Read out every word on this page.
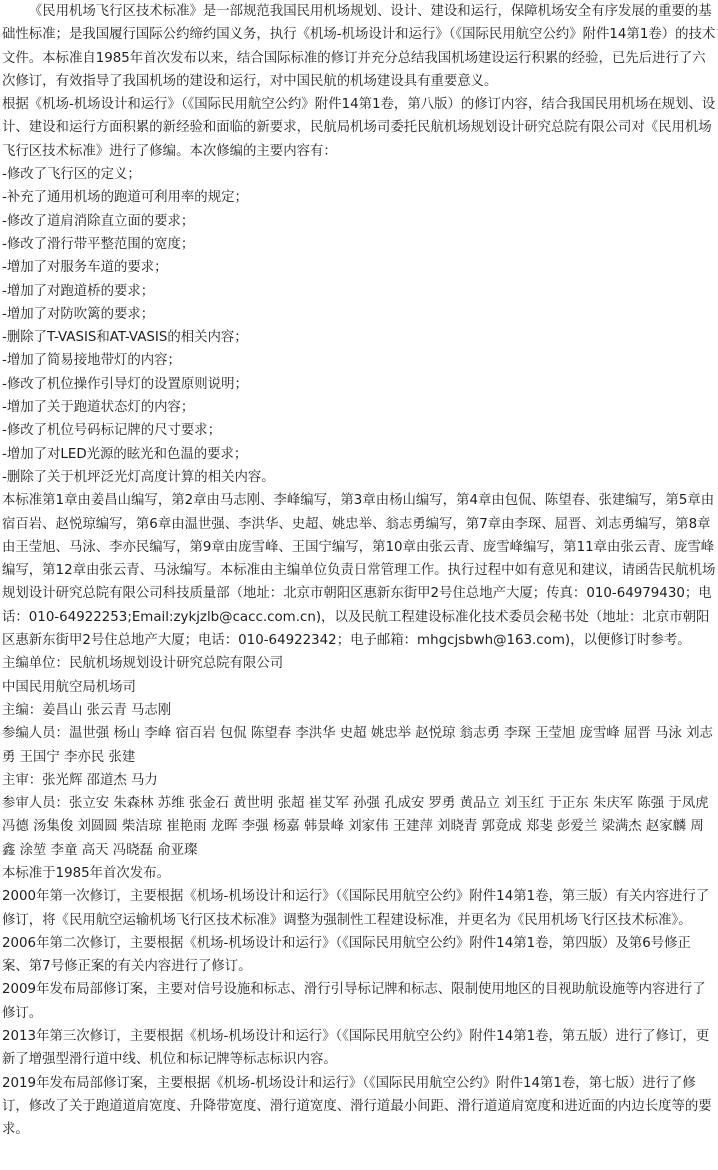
《民用机场飞行区技术标准》是一部规范我国民用机场规划、设计、建设和运行，保障机场安全有序发展的重要的基础性标准；是我国履行国际公约缔约国义务，执行《机场-机场设计和运行》（《国际民用航空公约》附件14第1卷）的技术文件。本标准自1985年首次发布以来，结合国际标准的修订并充分总结我国机场建设运行积累的经验，已先后进行了六次修订，有效指导了我国机场的建设和运行，对中国民航的机场建设具有重要意义。

根据《机场-机场设计和运行》（《国际民用航空公约》附件14第1卷，第八版）的修订内容，结合我国民用机场在规划、设计、建设和运行方面积累的新经验和面临的新要求，民航局机场司委托民航机场规划设计研究总院有限公司对《民用机场飞行区技术标准》进行了修编。本次修编的主要内容有：

-修改了飞行区的定义；

-补充了通用机场的跑道可利用率的规定；

-修改了道肩消除直立面的要求；

-修改了滑行带平整范围的宽度；

-增加了对服务车道的要求；

-增加了对跑道桥的要求；

-增加了对防吹篱的要求；

-删除了T-VASIS和AT-VASIS的相关内容；

-增加了简易接地带灯的内容；

-修改了机位操作引导灯的设置原则说明；

-增加了关于跑道状态灯的内容；

-修改了机位号码标记牌的尺寸要求；

-增加了对LED光源的眩光和色温的要求；

-删除了关于机坪泛光灯高度计算的相关内容。

本标准第1章由姜昌山编写，第2章由马志刚、李峰编写，第3章由杨山编写，第4章由包侃、陈望春、张建编写，第5章由宿百岩、赵悦琼编写，第6章由温世强、李洪华、史超、姚忠举、翁志勇编写，第7章由李琛、屈晋、刘志勇编写，第8章由王莹旭、马泳、李亦民编写，第9章由庞雪峰、王国宁编写，第10章由张云青、庞雪峰编写，第11章由张云青、庞雪峰编写，第12章由张云青、马泳编写。本标准由主编单位负责日常管理工作。执行过程中如有意见和建议，请函告民航机场规划设计研究总院有限公司科技质量部（地址：北京市朝阳区惠新东街甲2号住总地产大厦；传真：010-64979430；电话：010-64922253;Email:zykjzlb@cacc.com.cn)，以及民航工程建设标准化技术委员会秘书处（地址：北京市朝阳区惠新东街甲2号住总地产大厦；电话：010-64922342；电子邮箱：mhgcjsbwh@163.com)，以便修订时参考。

主编单位：民航机场规划设计研究总院有限公司

中国民用航空局机场司

主编：姜昌山 张云青 马志刚

参编人员：温世强 杨山 李峰 宿百岩 包侃 陈望春 李洪华 史超 姚忠举 赵悦琼 翁志勇 李琛 王莹旭 庞雪峰 屈晋 马泳 刘志勇 王国宁 李亦民 张建

主审：张光辉 邵道杰 马力

参审人员：张立安 朱森林 苏维 张金石 黄世明 张超 崔艾军 孙强 孔成安 罗勇 黄品立 刘玉红 于正东 朱庆军 陈强 于凤虎 冯德 汤集俊 刘圆圆 柴洁琼 崔艳雨 龙晖 李强 杨嘉 韩景峰 刘家伟 王建萍 刘晓青 郭竟成 郑斐 彭爱兰 梁满杰 赵家麟 周鑫 涂堃 李童 高天 冯晓磊 俞亚璨

本标准于1985年首次发布。

2000年第一次修订，主要根据《机场-机场设计和运行》（《国际民用航空公约》附件14第1卷，第三版）有关内容进行了修订，将《民用航空运输机场飞行区技术标准》调整为强制性工程建设标准，并更名为《民用机场飞行区技术标准》。

2006年第二次修订，主要根据《机场-机场设计和运行》（《国际民用航空公约》附件14第1卷，第四版）及第6号修正案、第7号修正案的有关内容进行了修订。

2009年发布局部修订案，主要对信号设施和标志、滑行引导标记牌和标志、限制使用地区的目视助航设施等内容进行了修订。

2013年第三次修订，主要根据《机场-机场设计和运行》（《国际民用航空公约》附件14第1卷，第五版）进行了修订，更新了增强型滑行道中线、机位和标记牌等标志标识内容。

2019年发布局部修订案，主要根据《机场-机场设计和运行》（《国际民用航空公约》附件14第1卷，第七版）进行了修订，修改了关于跑道道肩宽度、升降带宽度、滑行道宽度、滑行道最小间距、滑行道道肩宽度和进近面的内边长度等的要求。
